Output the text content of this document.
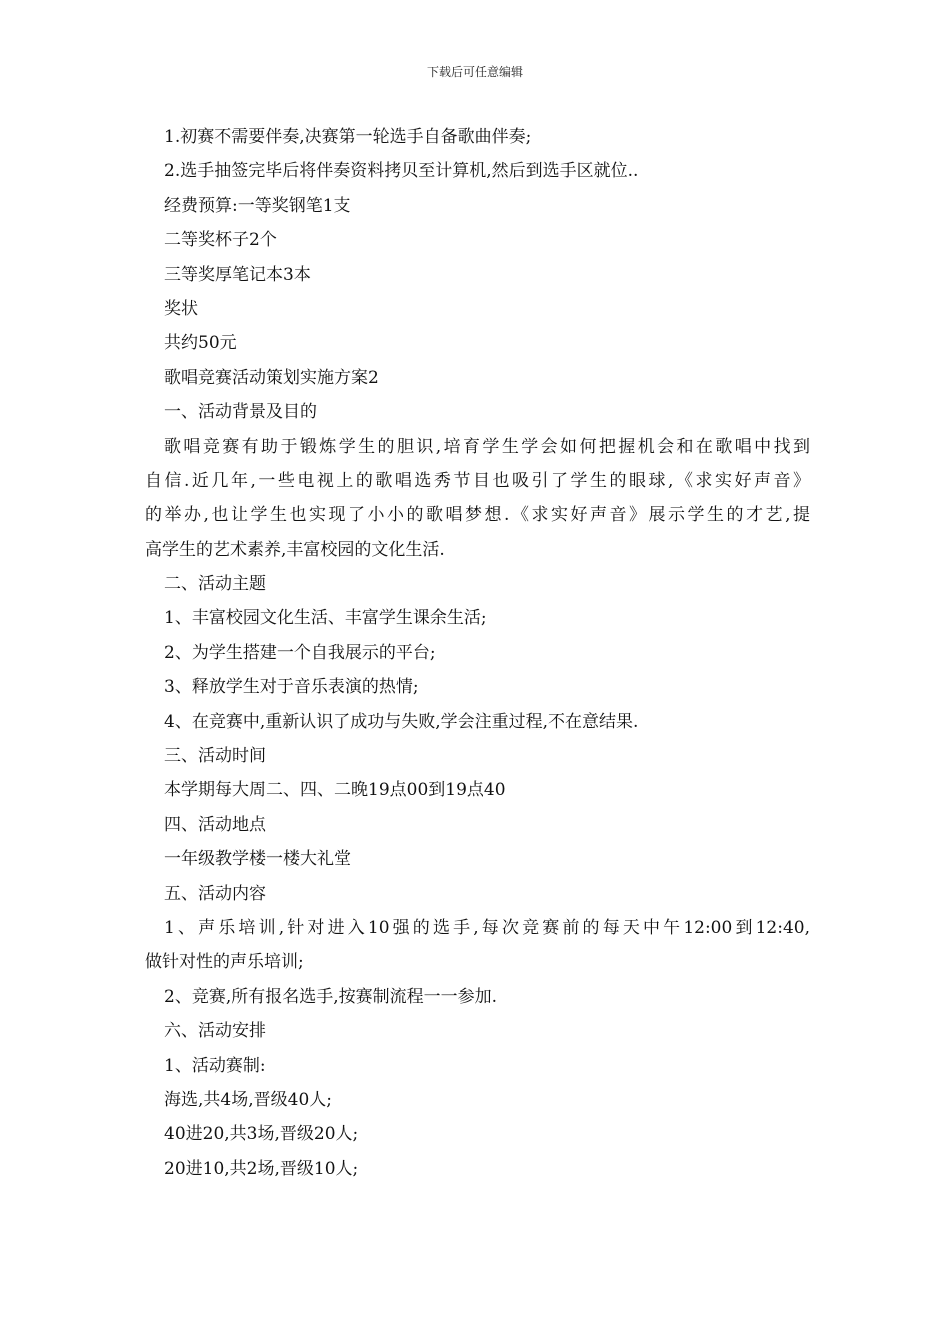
下载后可任意编辑
1.初赛不需要伴奏,决赛第一轮选手自备歌曲伴奏;
2.选手抽签完毕后将伴奏资料拷贝至计算机,然后到选手区就位..
经费预算:一等奖钢笔1支
二等奖杯子2个
三等奖厚笔记本3本
奖状
共约50元
歌唱竞赛活动策划实施方案2
一、活动背景及目的
歌唱竞赛有助于锻炼学生的胆识,培育学生学会如何把握机会和在歌唱中找到
自信.近几年,一些电视上的歌唱选秀节目也吸引了学生的眼球,《求实好声音》
的举办,也让学生也实现了小小的歌唱梦想.《求实好声音》展示学生的才艺,提
高学生的艺术素养,丰富校园的文化生活.
二、活动主题
1、丰富校园文化生活、丰富学生课余生活;
2、为学生搭建一个自我展示的平台;
3、释放学生对于音乐表演的热情;
4、在竞赛中,重新认识了成功与失败,学会注重过程,不在意结果.
三、活动时间
本学期每大周二、四、二晚19点00到19点40
四、活动地点
一年级教学楼一楼大礼堂
五、活动内容
1、声乐培训,针对进入10强的选手,每次竞赛前的每天中午12:00到12:40,
做针对性的声乐培训;
2、竞赛,所有报名选手,按赛制流程一一参加.
六、活动安排
1、活动赛制:
海选,共4场,晋级40人;
40进20,共3场,晋级20人;
20进10,共2场,晋级10人;
